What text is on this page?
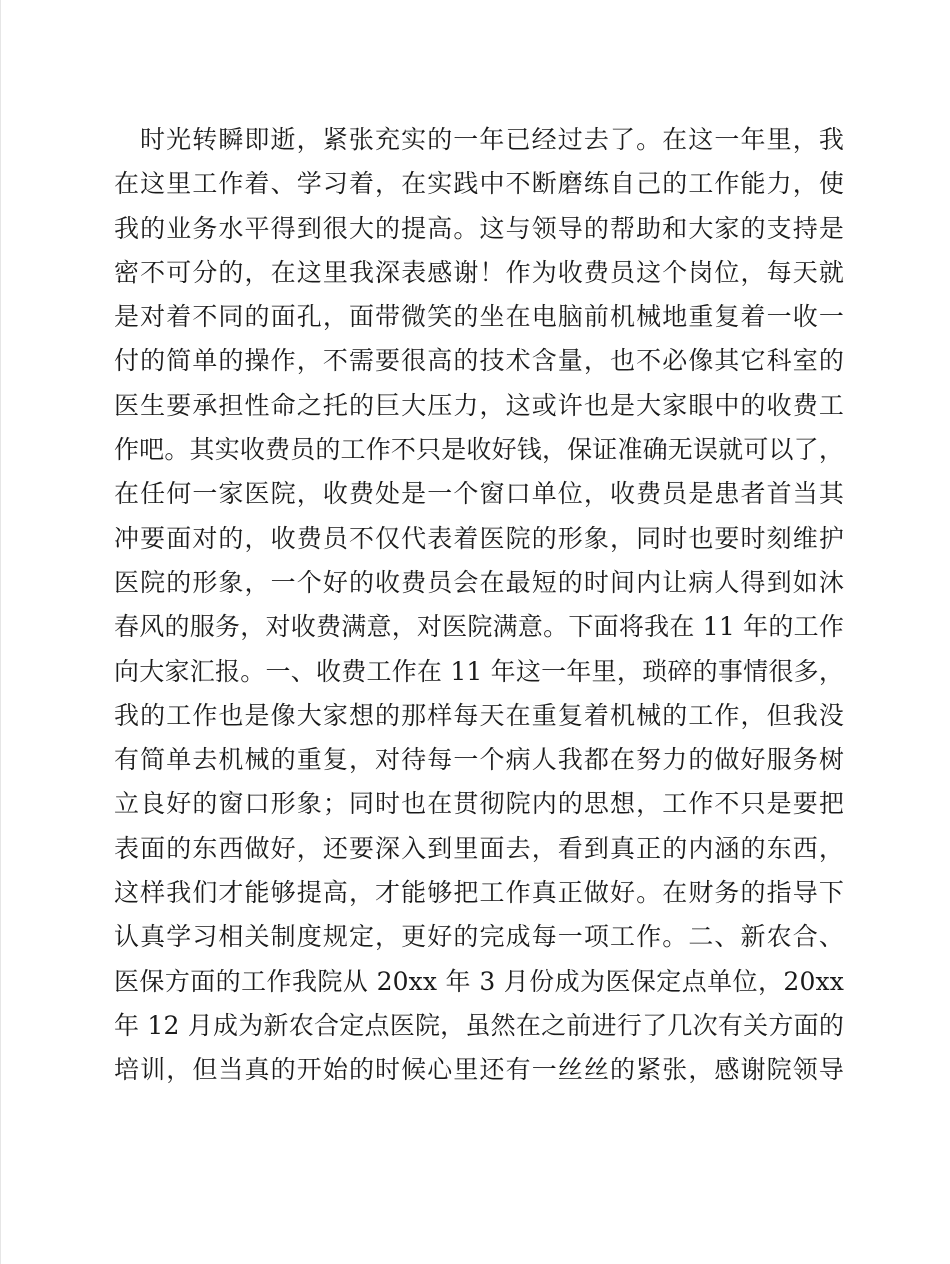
时光转瞬即逝，紧张充实的一年已经过去了。在这一年里，我
在这里工作着、学习着，在实践中不断磨练自己的工作能力，使
我的业务水平得到很大的提高。这与领导的帮助和大家的支持是
密不可分的，在这里我深表感谢！作为收费员这个岗位，每天就
是对着不同的面孔，面带微笑的坐在电脑前机械地重复着一收一
付的简单的操作，不需要很高的技术含量，也不必像其它科室的
医生要承担性命之托的巨大压力，这或许也是大家眼中的收费工
作吧。其实收费员的工作不只是收好钱，保证准确无误就可以了，
在任何一家医院，收费处是一个窗口单位，收费员是患者首当其
冲要面对的，收费员不仅代表着医院的形象，同时也要时刻维护
医院的形象，一个好的收费员会在最短的时间内让病人得到如沐
春风的服务，对收费满意，对医院满意。下面将我在 11 年的工作
向大家汇报。一、收费工作在 11 年这一年里，琐碎的事情很多，
我的工作也是像大家想的那样每天在重复着机械的工作，但我没
有简单去机械的重复，对待每一个病人我都在努力的做好服务树
立良好的窗口形象；同时也在贯彻院内的思想，工作不只是要把
表面的东西做好，还要深入到里面去，看到真正的内涵的东西，
这样我们才能够提高，才能够把工作真正做好。在财务的指导下
认真学习相关制度规定，更好的完成每一项工作。二、新农合、
医保方面的工作我院从 20xx 年 3 月份成为医保定点单位，20xx
年 12 月成为新农合定点医院，虽然在之前进行了几次有关方面的
培训，但当真的开始的时候心里还有一丝丝的紧张，感谢院领导
